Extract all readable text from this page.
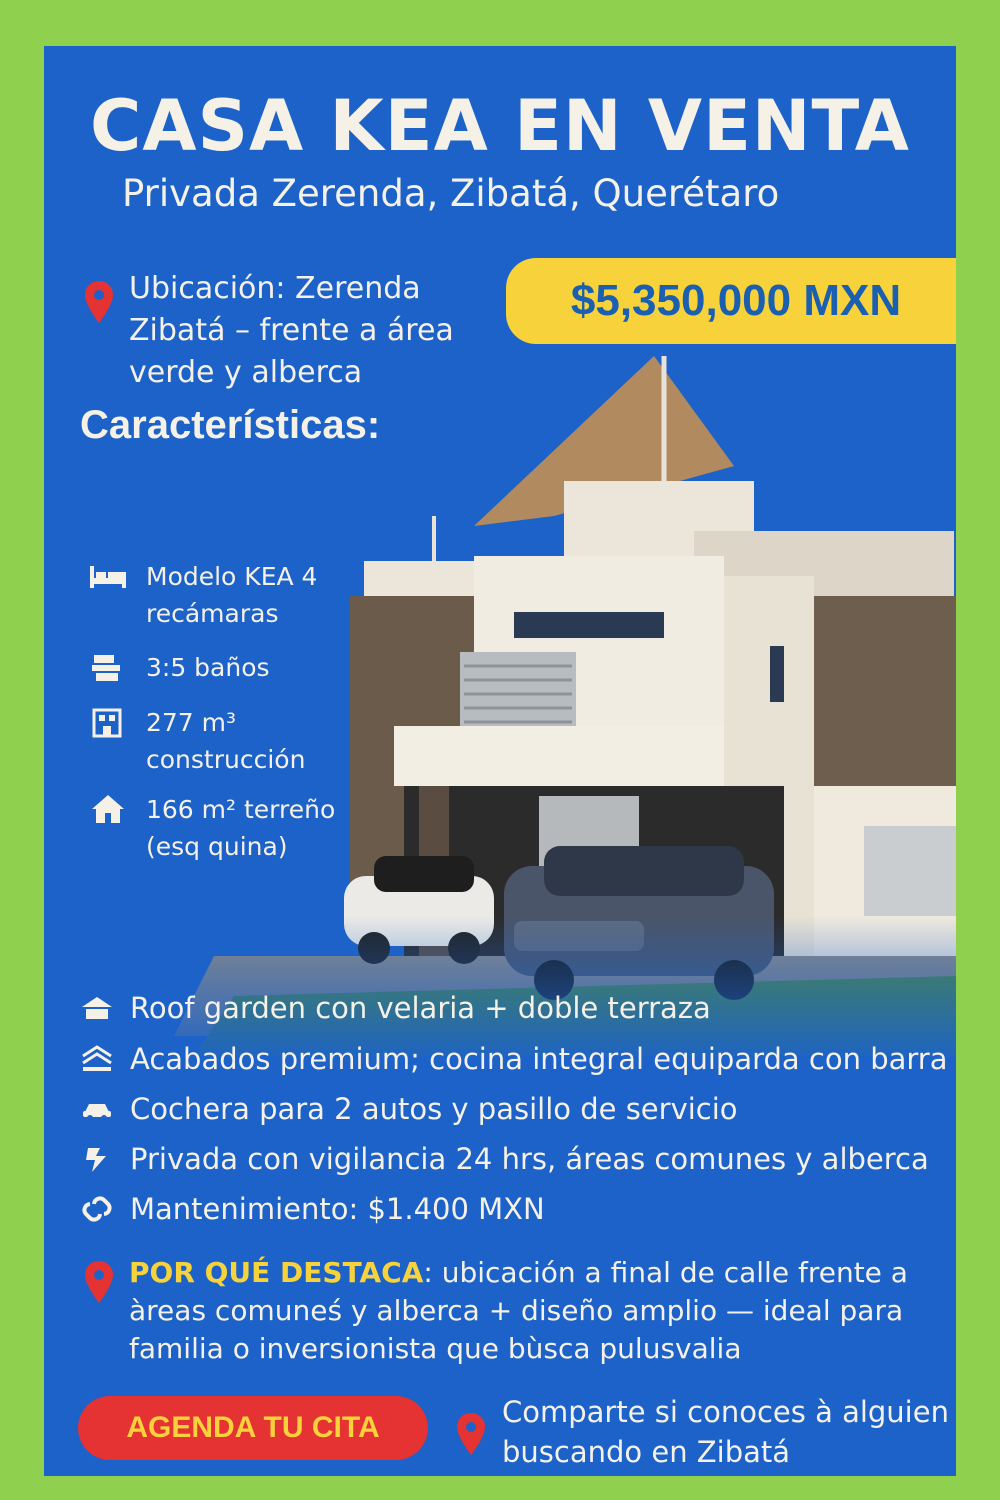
CASA KEA EN VENTA
Privada Zerenda, Zibatá, Querétaro
Ubicación: Zerenda Zibatá – frente a área verde y alberca
$5,350,000 MXN
Características:
Modelo KEA 4 recámaras
3:5 baños
277 m³ construcción
166 m² terreño (esq quina)
Roof garden con velaria + doble terraza
Acabados premium; cocina integral equiparda con barra
Cochera para 2 autos y pasillo de servicio
Privada con vigilancia 24 hrs, áreas comunes y alberca
Mantenimiento: $1.400 MXN
POR QUÉ DESTACA: ubicación a final de calle frente a àreas comuneś y alberca + diseño amplio — ideal para familia o inversionista que bùsca pulusvalia
AGENDA TU CITA	Comparte si conoces à alguien buscando en Zibatá
